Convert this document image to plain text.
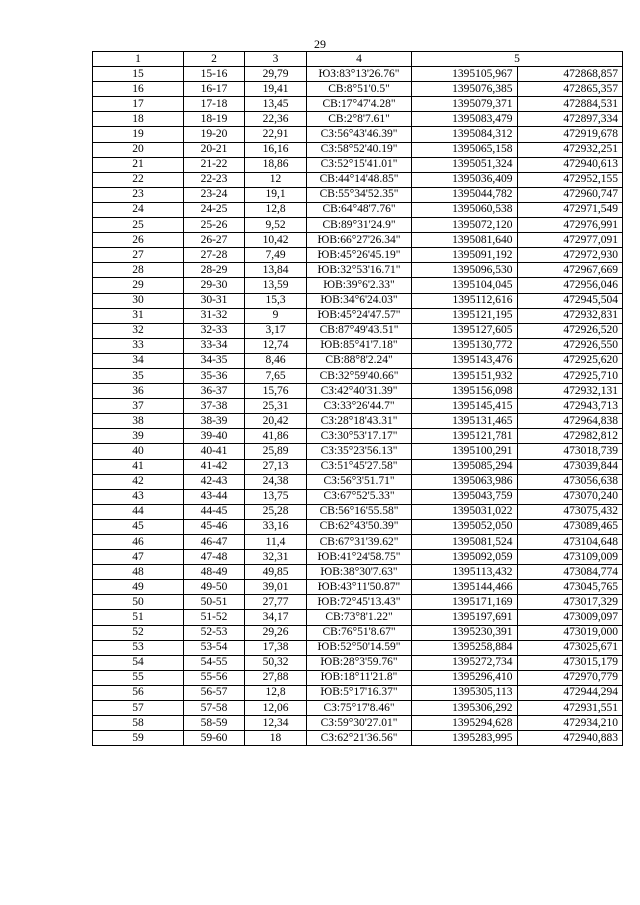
29
1	2	3	4	5	
15	15-16	29,79	ЮЗ:83°13'26.76"	1395105,967	472868,857
16	16-17	19,41	СВ:8°51'0.5"	1395076,385	472865,357
17	17-18	13,45	СВ:17°47'4.28"	1395079,371	472884,531
18	18-19	22,36	СВ:2°8'7.61"	1395083,479	472897,334
19	19-20	22,91	СЗ:56°43'46.39"	1395084,312	472919,678
20	20-21	16,16	СЗ:58°52'40.19"	1395065,158	472932,251
21	21-22	18,86	СЗ:52°15'41.01"	1395051,324	472940,613
22	22-23	12	СВ:44°14'48.85"	1395036,409	472952,155
23	23-24	19,1	СВ:55°34'52.35"	1395044,782	472960,747
24	24-25	12,8	СВ:64°48'7.76"	1395060,538	472971,549
25	25-26	9,52	СВ:89°31'24.9"	1395072,120	472976,991
26	26-27	10,42	ЮВ:66°27'26.34"	1395081,640	472977,091
27	27-28	7,49	ЮВ:45°26'45.19"	1395091,192	472972,930
28	28-29	13,84	ЮВ:32°53'16.71"	1395096,530	472967,669
29	29-30	13,59	ЮВ:39°6'2.33"	1395104,045	472956,046
30	30-31	15,3	ЮВ:34°6'24.03"	1395112,616	472945,504
31	31-32	9	ЮВ:45°24'47.57"	1395121,195	472932,831
32	32-33	3,17	СВ:87°49'43.51"	1395127,605	472926,520
33	33-34	12,74	ЮВ:85°41'7.18"	1395130,772	472926,550
34	34-35	8,46	СВ:88°8'2.24"	1395143,476	472925,620
35	35-36	7,65	СВ:32°59'40.66"	1395151,932	472925,710
36	36-37	15,76	СЗ:42°40'31.39"	1395156,098	472932,131
37	37-38	25,31	СЗ:33°26'44.7"	1395145,415	472943,713
38	38-39	20,42	СЗ:28°18'43.31"	1395131,465	472964,838
39	39-40	41,86	СЗ:30°53'17.17"	1395121,781	472982,812
40	40-41	25,89	СЗ:35°23'56.13"	1395100,291	473018,739
41	41-42	27,13	СЗ:51°45'27.58"	1395085,294	473039,844
42	42-43	24,38	СЗ:56°3'51.71"	1395063,986	473056,638
43	43-44	13,75	СЗ:67°52'5.33"	1395043,759	473070,240
44	44-45	25,28	СВ:56°16'55.58"	1395031,022	473075,432
45	45-46	33,16	СВ:62°43'50.39"	1395052,050	473089,465
46	46-47	11,4	СВ:67°31'39.62"	1395081,524	473104,648
47	47-48	32,31	ЮВ:41°24'58.75"	1395092,059	473109,009
48	48-49	49,85	ЮВ:38°30'7.63"	1395113,432	473084,774
49	49-50	39,01	ЮВ:43°11'50.87"	1395144,466	473045,765
50	50-51	27,77	ЮВ:72°45'13.43"	1395171,169	473017,329
51	51-52	34,17	СВ:73°8'1.22"	1395197,691	473009,097
52	52-53	29,26	СВ:76°51'8.67"	1395230,391	473019,000
53	53-54	17,38	ЮВ:52°50'14.59"	1395258,884	473025,671
54	54-55	50,32	ЮВ:28°3'59.76"	1395272,734	473015,179
55	55-56	27,88	ЮВ:18°11'21.8"	1395296,410	472970,779
56	56-57	12,8	ЮВ:5°17'16.37"	1395305,113	472944,294
57	57-58	12,06	СЗ:75°17'8.46"	1395306,292	472931,551
58	58-59	12,34	СЗ:59°30'27.01"	1395294,628	472934,210
59	59-60	18	СЗ:62°21'36.56"	1395283,995	472940,883
